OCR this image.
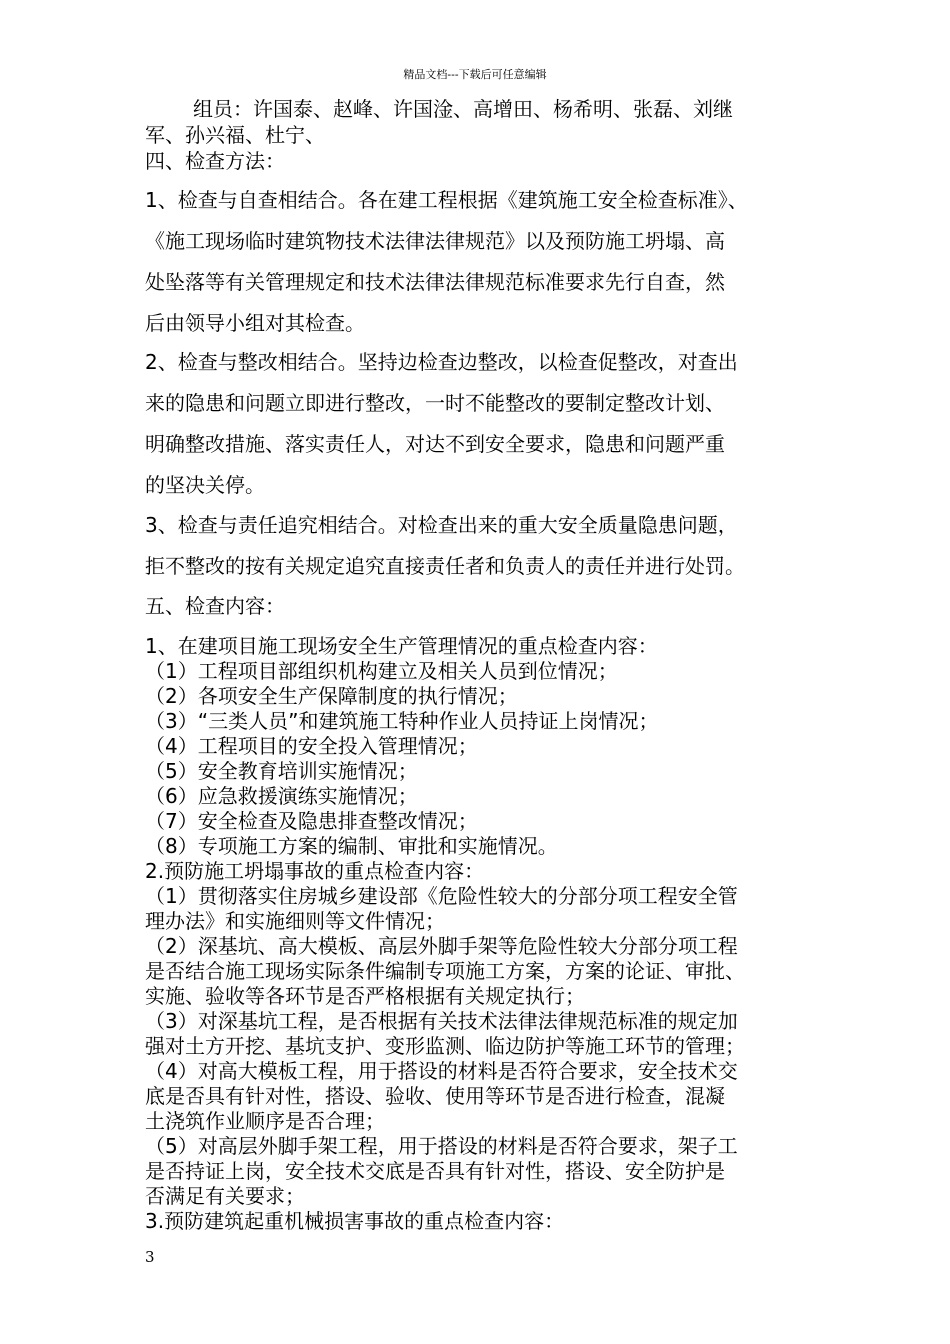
精品文档---下载后可任意编辑
组员：许国泰、赵峰、许国淦、高增田、杨希明、张磊、刘继
军、孙兴福、杜宁、
四、检查方法：
1、检查与自查相结合。各在建工程根据《建筑施工安全检查标准》、
《施工现场临时建筑物技术法律法律规范》以及预防施工坍塌、高
处坠落等有关管理规定和技术法律法律规范标准要求先行自查，然
后由领导小组对其检查。
2、检查与整改相结合。坚持边检查边整改，以检查促整改，对查出
来的隐患和问题立即进行整改，一时不能整改的要制定整改计划、
明确整改措施、落实责任人，对达不到安全要求，隐患和问题严重
的坚决关停。
3、检查与责任追究相结合。对检查出来的重大安全质量隐患问题，
拒不整改的按有关规定追究直接责任者和负责人的责任并进行处罚。
五、检查内容：
1、在建项目施工现场安全生产管理情况的重点检查内容：
（1）工程项目部组织机构建立及相关人员到位情况；
（2）各项安全生产保障制度的执行情况；
（3）“三类人员”和建筑施工特种作业人员持证上岗情况；
（4）工程项目的安全投入管理情况；
（5）安全教育培训实施情况；
（6）应急救援演练实施情况；
（7）安全检查及隐患排查整改情况；
（8）专项施工方案的编制、审批和实施情况。
2.预防施工坍塌事故的重点检查内容：
（1）贯彻落实住房城乡建设部《危险性较大的分部分项工程安全管
理办法》和实施细则等文件情况；
（2）深基坑、高大模板、高层外脚手架等危险性较大分部分项工程
是否结合施工现场实际条件编制专项施工方案，方案的论证、审批、
实施、验收等各环节是否严格根据有关规定执行；
（3）对深基坑工程，是否根据有关技术法律法律规范标准的规定加
强对土方开挖、基坑支护、变形监测、临边防护等施工环节的管理；
（4）对高大模板工程，用于搭设的材料是否符合要求，安全技术交
底是否具有针对性，搭设、验收、使用等环节是否进行检查，混凝
土浇筑作业顺序是否合理；
（5）对高层外脚手架工程，用于搭设的材料是否符合要求，架子工
是否持证上岗，安全技术交底是否具有针对性，搭设、安全防护是
否满足有关要求；
3.预防建筑起重机械损害事故的重点检查内容：
3
